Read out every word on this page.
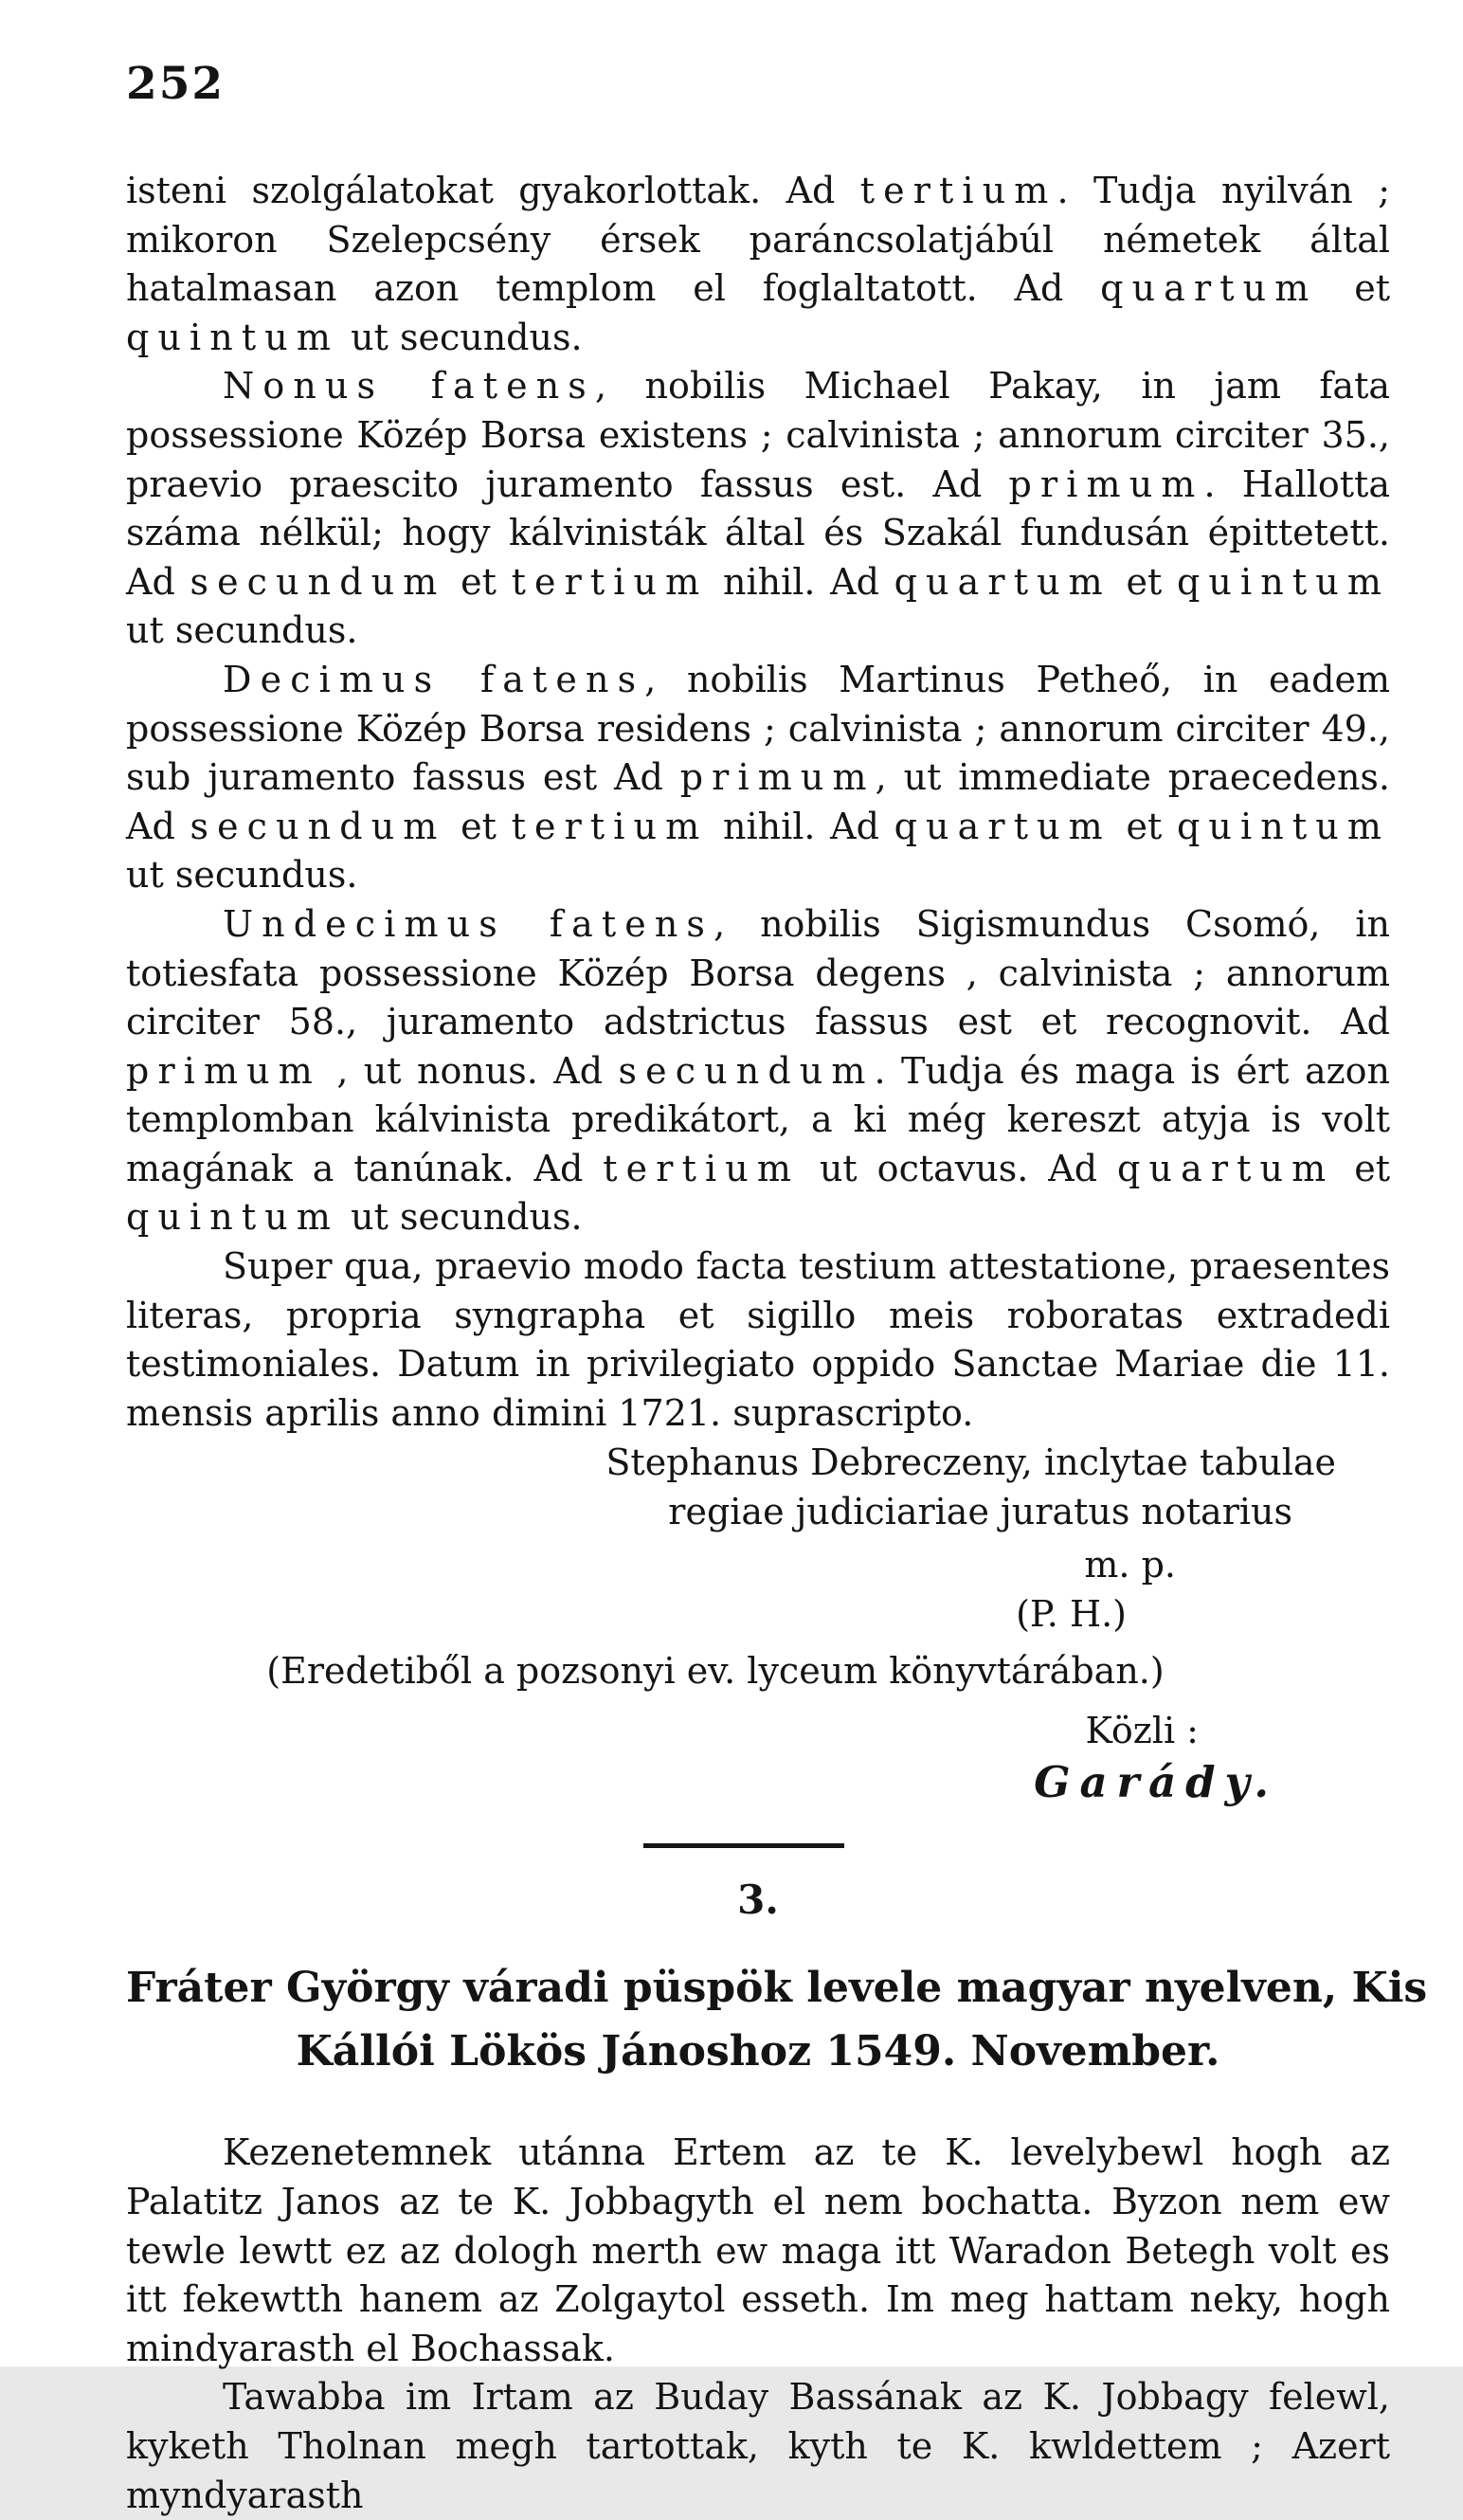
252

isteni szolgálatokat gyakorlottak. Ad tertium. Tudja nyilván ; mikoron Szelepcsény érsek paráncsolatjábúl németek által hatalmasan azon templom el foglaltatott. Ad quartum et quintum ut secundus.

Nonus fatens, nobilis Michael Pakay, in jam fata possessione Közép Borsa existens ; calvinista ; annorum circiter 35., praevio praescito juramento fassus est. Ad primum. Hallotta száma nélkül; hogy kálvinisták által és Szakál fundusán épittetett. Ad secundum et tertium nihil. Ad quartum et quintum ut secundus.

Decimus fatens, nobilis Martinus Petheő, in eadem possessione Közép Borsa residens ; calvinista ; annorum circiter 49., sub juramento fassus est Ad primum, ut immediate praecedens. Ad secundum et tertium nihil. Ad quartum et quintum ut secundus.

Undecimus fatens, nobilis Sigismundus Csomó, in totiesfata possessione Közép Borsa degens , calvinista ; annorum circiter 58., juramento adstrictus fassus est et recognovit. Ad primum , ut nonus. Ad secundum. Tudja és maga is ért azon templomban kálvinista predikátort, a ki még kereszt atyja is volt magának a tanúnak. Ad tertium ut octavus. Ad quartum et quintum ut secundus.

Super qua, praevio modo facta testium attestatione, praesentes literas, propria syngrapha et sigillo meis roboratas extradedi testimoniales. Datum in privilegiato oppido Sanctae Mariae die 11. mensis aprilis anno dimini 1721. suprascripto.

Stephanus Debreczeny, inclytae tabulae
regiae judiciariae juratus notarius
m. p.
(P. H.)
(Eredetiből a pozsonyi ev. lyceum könyvtárában.)
Közli :
Garády.
3.
Fráter György váradi püspök levele magyar nyelven, Kis
Kállói Lökös Jánoshoz 1549. November.

Kezenetemnek utánna Ertem az te K. levelybewl hogh az Palatitz Janos az te K. Jobbagyth el nem bochatta. Byzon nem ew tewle lewtt ez az dologh merth ew maga itt Waradon Betegh volt es itt fekewtth hanem az Zolgaytol esseth. Im meg hattam neky, hogh mindyarasth el Bochassak.

Tawabba im Irtam az Buday Bassának az K. Jobbagy felewl, kyketh Tholnan megh tartottak, kyth te K. kwldettem ; Azert myndyarasth
